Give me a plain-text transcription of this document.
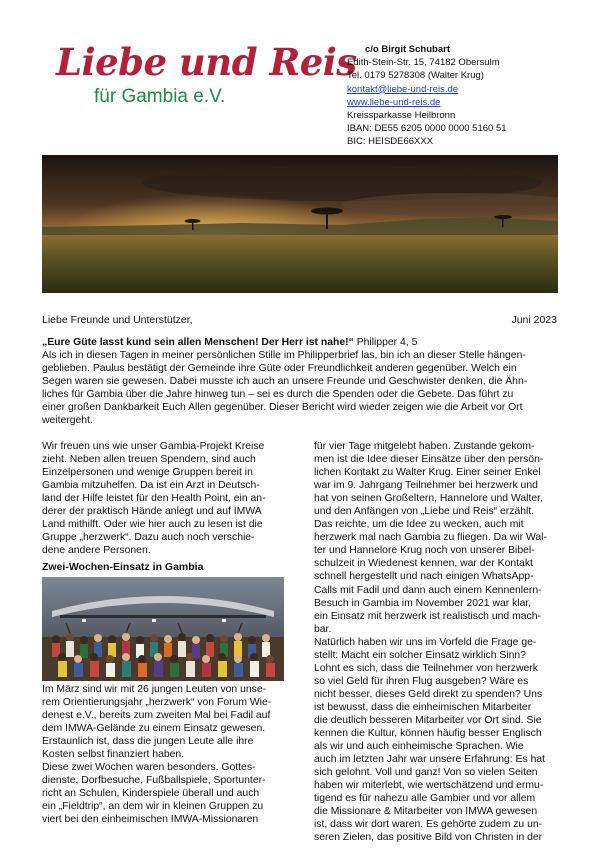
Liebe und Reis
für Gambia e.V.
c/o Birgit Schubart
Edith-Stein-Str. 15, 74182 Obersulm
Tel. 0179 5278308 (Walter Krug)
kontakt@liebe-und-reis.de
www.liebe-und-reis.de
Kreissparkasse Heilbronn
IBAN: DE55 6205 0000 0000 5160 51
BIC: HEISDE66XXX
Liebe Freunde und Unterstützer,	Juni 2023
„Eure Güte lasst kund sein allen Menschen! Der Herr ist nahe!“ Philipper 4, 5
Als ich in diesen Tagen in meiner persönlichen Stille im Philipperbrief las, bin ich an dieser Stelle hängen-
geblieben. Paulus bestätigt der Gemeinde ihre Güte oder Freundlichkeit anderen gegenüber. Welch ein
Segen waren sie gewesen. Dabei musste ich auch an unsere Freunde und Geschwister denken, die Ähn-
liches für Gambia über die Jahre hinweg tun – sei es durch die Spenden oder die Gebete. Das führt zu
einer großen Dankbarkeit Euch Allen gegenüber. Dieser Bericht wird wieder zeigen wie die Arbeit vor Ort
weitergeht.
Wir freuen uns wie unser Gambia-Projekt Kreise
zieht. Neben allen treuen Spendern, sind auch
Einzelpersonen und wenige Gruppen bereit in
Gambia mitzuhelfen. Da ist ein Arzt in Deutsch-
land der Hilfe leistet für den Health Point, ein an-
derer der praktisch Hände anlegt und auf IMWA
Land mithilft. Oder wie hier auch zu lesen ist die
Gruppe „herzwerk“. Dazu auch noch verschie-
dene andere Personen.
Zwei-Wochen-Einsatz in Gambia
Im März sind wir mit 26 jungen Leuten von unse-
rem Orientierungsjahr „herzwerk“ von Forum Wie-
denest e.V., bereits zum zweiten Mal bei Fadil auf
dem IMWA-Gelände zu einem Einsatz gewesen.
Erstaunlich ist, dass die jungen Leute alle ihre
Kosten selbst finanziert haben.
Diese zwei Wochen waren besonders. Gottes-
dienste, Dorfbesuche, Fußballspiele, Sportunter-
richt an Schulen, Kinderspiele überall und auch
ein „Fieldtrip“, an dem wir in kleinen Gruppen zu
viert bei den einheimischen IMWA-Missionaren
für vier Tage mitgelebt haben. Zustande gekom-
men ist die Idee dieser Einsätze über den persön-
lichen Kontakt zu Walter Krug. Einer seiner Enkel
war im 9. Jahrgang Teilnehmer bei herzwerk und
hat von seinen Großeltern, Hannelore und Walter,
und den Anfängen von „Liebe und Reis“ erzählt.
Das reichte, um die Idee zu wecken, auch mit
herzwerk mal nach Gambia zu fliegen. Da wir Wal-
ter und Hannelore Krug noch von unserer Bibel-
schulzeit in Wiedenest kennen, war der Kontakt
schnell hergestellt und nach einigen WhatsApp-
Calls mit Fadil und dann auch einem Kennenlern-
Besuch in Gambia im November 2021 war klar,
ein Einsatz mit herzwerk ist realistisch und mach-
bar.
Natürlich haben wir uns im Vorfeld die Frage ge-
stellt: Macht ein solcher Einsatz wirklich Sinn?
Lohnt es sich, dass die Teilnehmer von herzwerk
so viel Geld für ihren Flug ausgeben? Wäre es
nicht besser, dieses Geld direkt zu spenden? Uns
ist bewusst, dass die einheimischen Mitarbeiter
die deutlich besseren Mitarbeiter vor Ort sind. Sie
kennen die Kultur, können häufig besser Englisch
als wir und auch einheimische Sprachen. Wie
auch im letzten Jahr war unsere Erfahrung: Es hat
sich gelohnt. Voll und ganz! Von so vielen Seiten
haben wir miterlebt, wie wertschätzend und ermu-
tigend es für nahezu alle Gambier und vor allem
die Missionare & Mitarbeiter von IMWA gewesen
ist, dass wir dort waren. Es gehörte zudem zu un-
seren Zielen, das positive Bild von Christen in der
